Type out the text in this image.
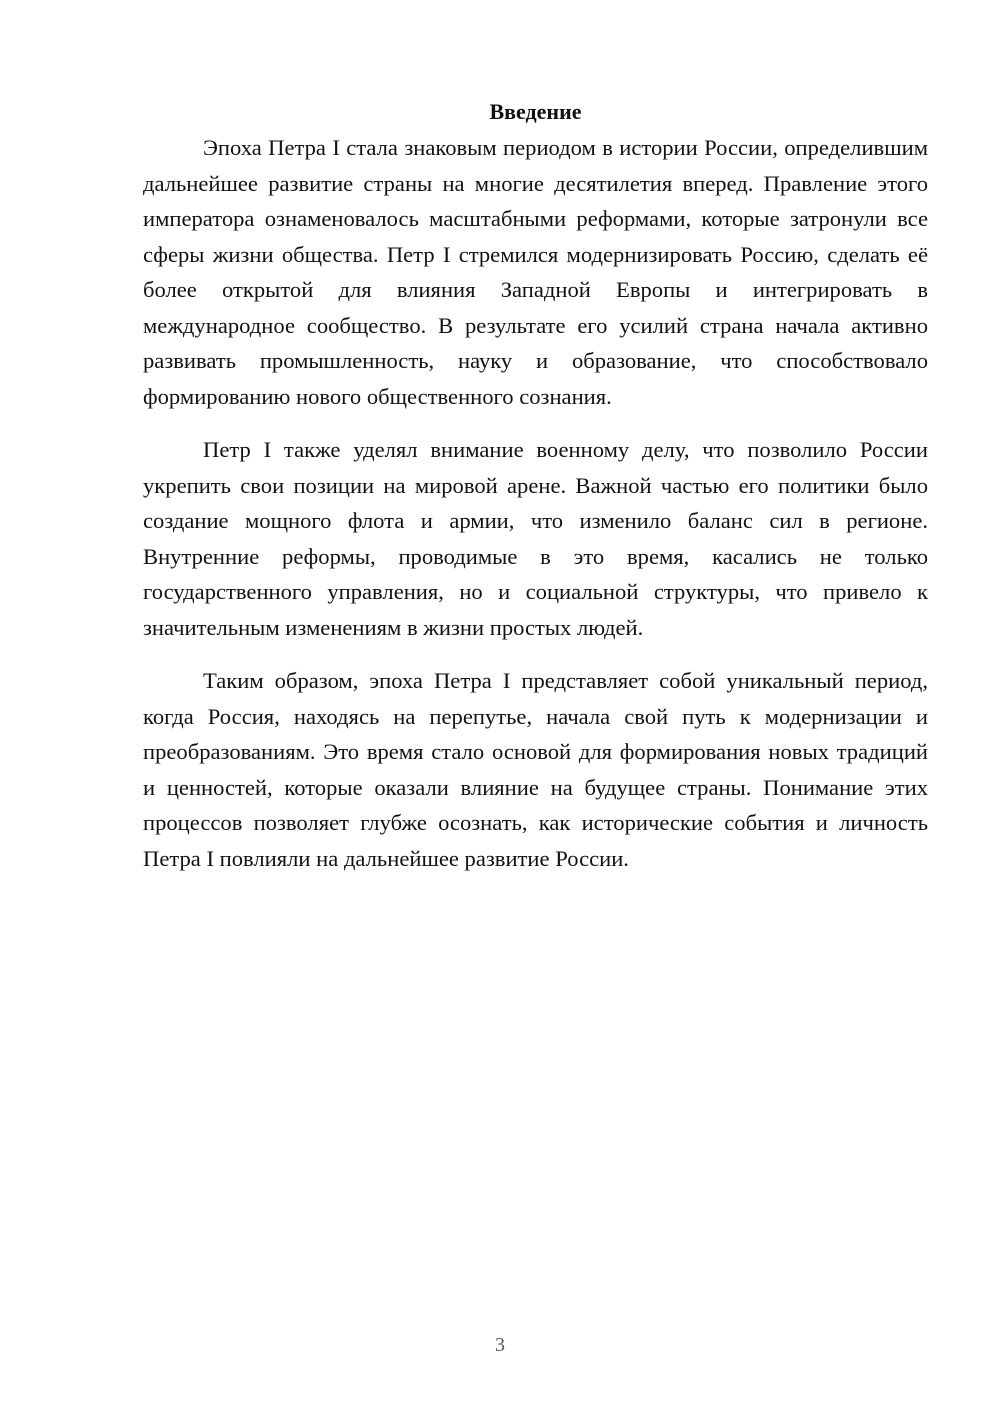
Введение

Эпоха Петра I стала знаковым периодом в истории России, определившим дальнейшее развитие страны на многие десятилетия вперед. Правление этого императора ознаменовалось масштабными реформами, которые затронули все сферы жизни общества. Петр I стремился модернизировать Россию, сделать её более открытой для влияния Западной Европы и интегрировать в международное сообщество. В результате его усилий страна начала активно развивать промышленность, науку и образование, что способствовало формированию нового общественного сознания.

Петр I также уделял внимание военному делу, что позволило России укрепить свои позиции на мировой арене. Важной частью его политики было создание мощного флота и армии, что изменило баланс сил в регионе. Внутренние реформы, проводимые в это время, касались не только государственного управления, но и социальной структуры, что привело к значительным изменениям в жизни простых людей.

Таким образом, эпоха Петра I представляет собой уникальный период, когда Россия, находясь на перепутье, начала свой путь к модернизации и преобразованиям. Это время стало основой для формирования новых традиций и ценностей, которые оказали влияние на будущее страны. Понимание этих процессов позволяет глубже осознать, как исторические события и личность Петра I повлияли на дальнейшее развитие России.

3
